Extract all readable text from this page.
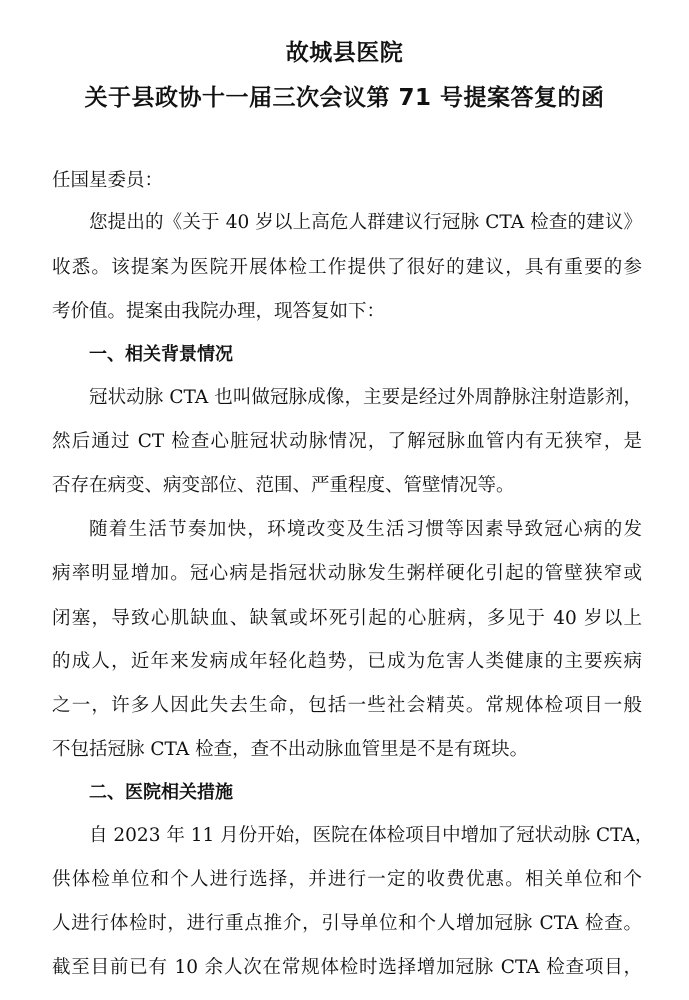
故城县医院
关于县政协十一届三次会议第 71 号提案答复的函

任国星委员：

您提出的《关于 40 岁以上高危人群建议行冠脉 CTA 检查的建议》

收悉。该提案为医院开展体检工作提供了很好的建议，具有重要的参

考价值。提案由我院办理，现答复如下：

一、相关背景情况

冠状动脉 CTA 也叫做冠脉成像，主要是经过外周静脉注射造影剂，

然后通过 CT 检查心脏冠状动脉情况，了解冠脉血管内有无狭窄，是

否存在病变、病变部位、范围、严重程度、管壁情况等。

随着生活节奏加快，环境改变及生活习惯等因素导致冠心病的发

病率明显增加。冠心病是指冠状动脉发生粥样硬化引起的管壁狭窄或

闭塞，导致心肌缺血、缺氧或坏死引起的心脏病，多见于 40 岁以上

的成人，近年来发病成年轻化趋势，已成为危害人类健康的主要疾病

之一，许多人因此失去生命，包括一些社会精英。常规体检项目一般

不包括冠脉 CTA 检查，查不出动脉血管里是不是有斑块。

二、医院相关措施

自 2023 年 11 月份开始，医院在体检项目中增加了冠状动脉 CTA，

供体检单位和个人进行选择，并进行一定的收费优惠。相关单位和个

人进行体检时，进行重点推介，引导单位和个人增加冠脉 CTA 检查。

截至目前已有 10 余人次在常规体检时选择增加冠脉 CTA 检查项目，
